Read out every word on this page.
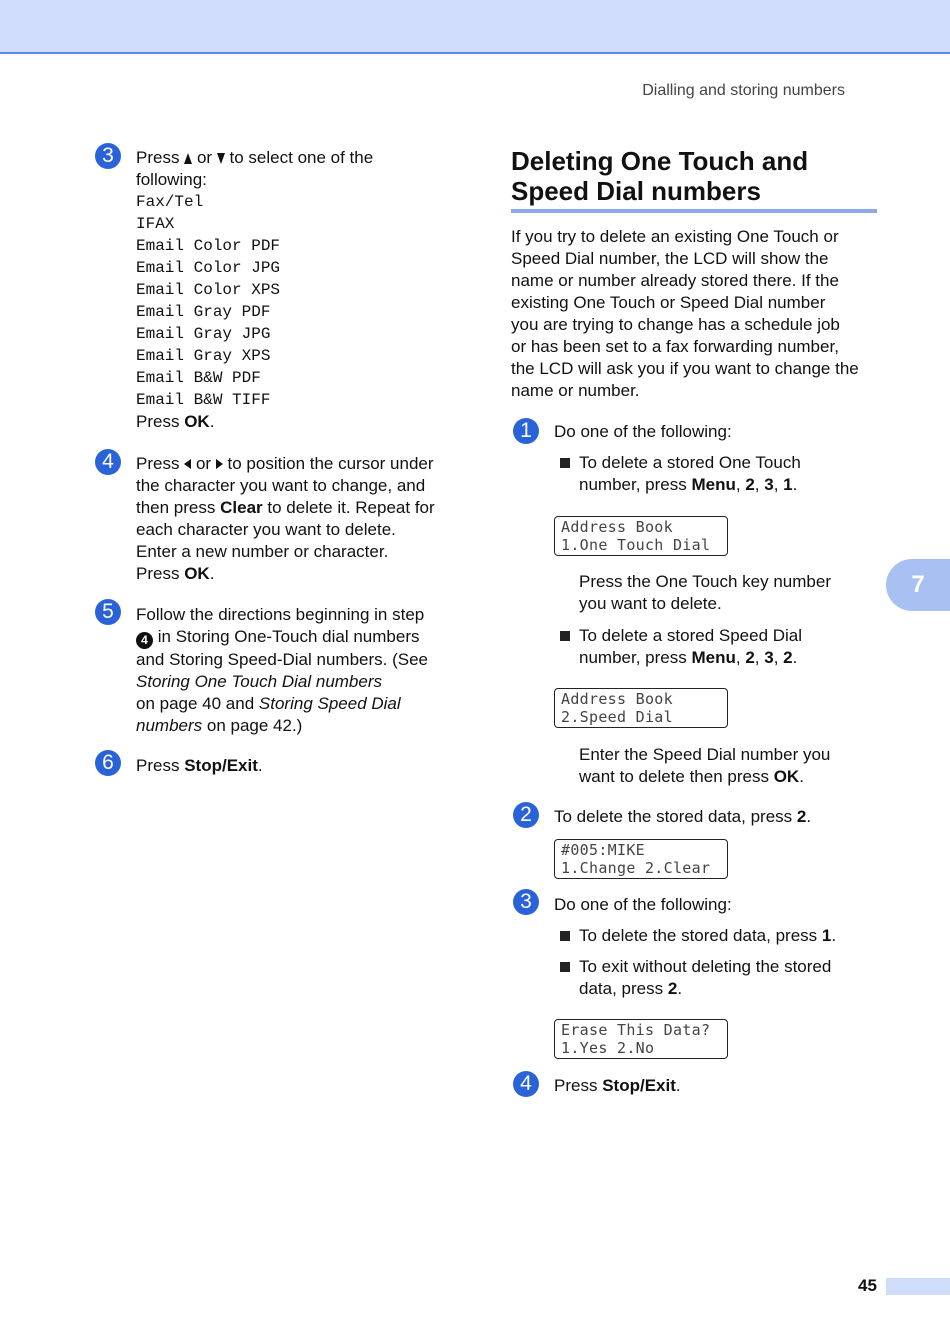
Dialling and storing numbers
7
45
3	Press or to select one of the
following:
Fax/Tel
IFAX
Email Color PDF
Email Color JPG
Email Color XPS
Email Gray PDF
Email Gray JPG
Email Gray XPS
Email B&W PDF
Email B&W TIFF
Press OK.
4	Press or to position the cursor under
the character you want to change, and
then press Clear to delete it. Repeat for
each character you want to delete.
Enter a new number or character.
Press OK.
5	Follow the directions beginning in step
4 in Storing One-Touch dial numbers
and Storing Speed-Dial numbers. (See
Storing One Touch Dial numbers
on page 40 and Storing Speed Dial
numbers on page 42.)
6	Press Stop/Exit.
Deleting One Touch and
Speed Dial numbers
If you try to delete an existing One Touch or
Speed Dial number, the LCD will show the
name or number already stored there. If the
existing One Touch or Speed Dial number
you are trying to change has a schedule job
or has been set to a fax forwarding number,
the LCD will ask you if you want to change the
name or number.
1	Do one of the following:
To delete a stored One Touch
number, press Menu, 2, 3, 1.
Address Book
1.One Touch Dial
Press the One Touch key number
you want to delete.
To delete a stored Speed Dial
number, press Menu, 2, 3, 2.
Address Book
2.Speed Dial
Enter the Speed Dial number you
want to delete then press OK.
2	To delete the stored data, press 2.
#005:MIKE
1.Change 2.Clear
3	Do one of the following:
To delete the stored data, press 1.
To exit without deleting the stored
data, press 2.
Erase This Data?
1.Yes 2.No
4	Press Stop/Exit.
